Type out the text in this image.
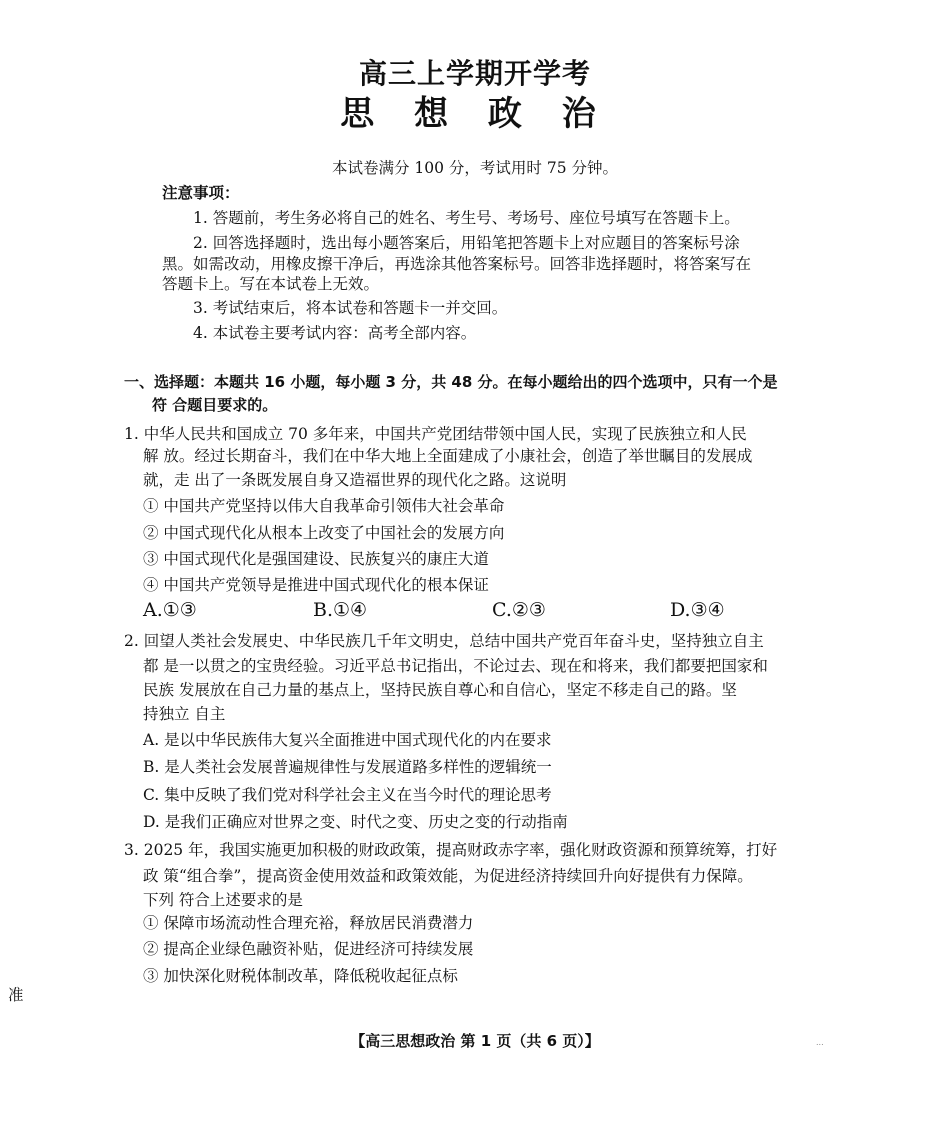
高三上学期开学考
思 想 政 治
本试卷满分 100 分，考试用时 75 分钟。
注意事项：
1. 答题前，考生务必将自己的姓名、考生号、考场号、座位号填写在答题卡上。
2. 回答选择题时，选出每小题答案后，用铅笔把答题卡上对应题目的答案标号涂
黑。如需改动，用橡皮擦干净后，再选涂其他答案标号。回答非选择题时，将答案写在
答题卡上。写在本试卷上无效。
3. 考试结束后，将本试卷和答题卡一并交回。
4. 本试卷主要考试内容：高考全部内容。
一、选择题：本题共 16 小题，每小题 3 分，共 48 分。在每小题给出的四个选项中，只有一个是
符 合题目要求的。
1. 中华人民共和国成立 70 多年来，中国共产党团结带领中国人民，实现了民族独立和人民
解 放。经过长期奋斗，我们在中华大地上全面建成了小康社会，创造了举世瞩目的发展成
就，走 出了一条既发展自身又造福世界的现代化之路。这说明
① 中国共产党坚持以伟大自我革命引领伟大社会革命
② 中国式现代化从根本上改变了中国社会的发展方向
③ 中国式现代化是强国建设、民族复兴的康庄大道
④ 中国共产党领导是推进中国式现代化的根本保证
A.①③	B.①④	C.②③	D.③④
2. 回望人类社会发展史、中华民族几千年文明史，总结中国共产党百年奋斗史，坚持独立自主
都 是一以贯之的宝贵经验。习近平总书记指出，不论过去、现在和将来，我们都要把国家和
民族 发展放在自己力量的基点上，坚持民族自尊心和自信心，坚定不移走自己的路。坚
持独立 自主
A. 是以中华民族伟大复兴全面推进中国式现代化的内在要求
B. 是人类社会发展普遍规律性与发展道路多样性的逻辑统一
C. 集中反映了我们党对科学社会主义在当今时代的理论思考
D. 是我们正确应对世界之变、时代之变、历史之变的行动指南
3. 2025 年，我国实施更加积极的财政政策，提高财政赤字率，强化财政资源和预算统筹，打好
政 策“组合拳”，提高资金使用效益和政策效能，为促进经济持续回升向好提供有力保障。
下列 符合上述要求的是
① 保障市场流动性合理充裕，释放居民消费潜力
② 提高企业绿色融资补贴，促进经济可持续发展
③ 加快深化财税体制改革，降低税收起征点标
准
【高三思想政治 第 1 页（共 6 页）】	...
